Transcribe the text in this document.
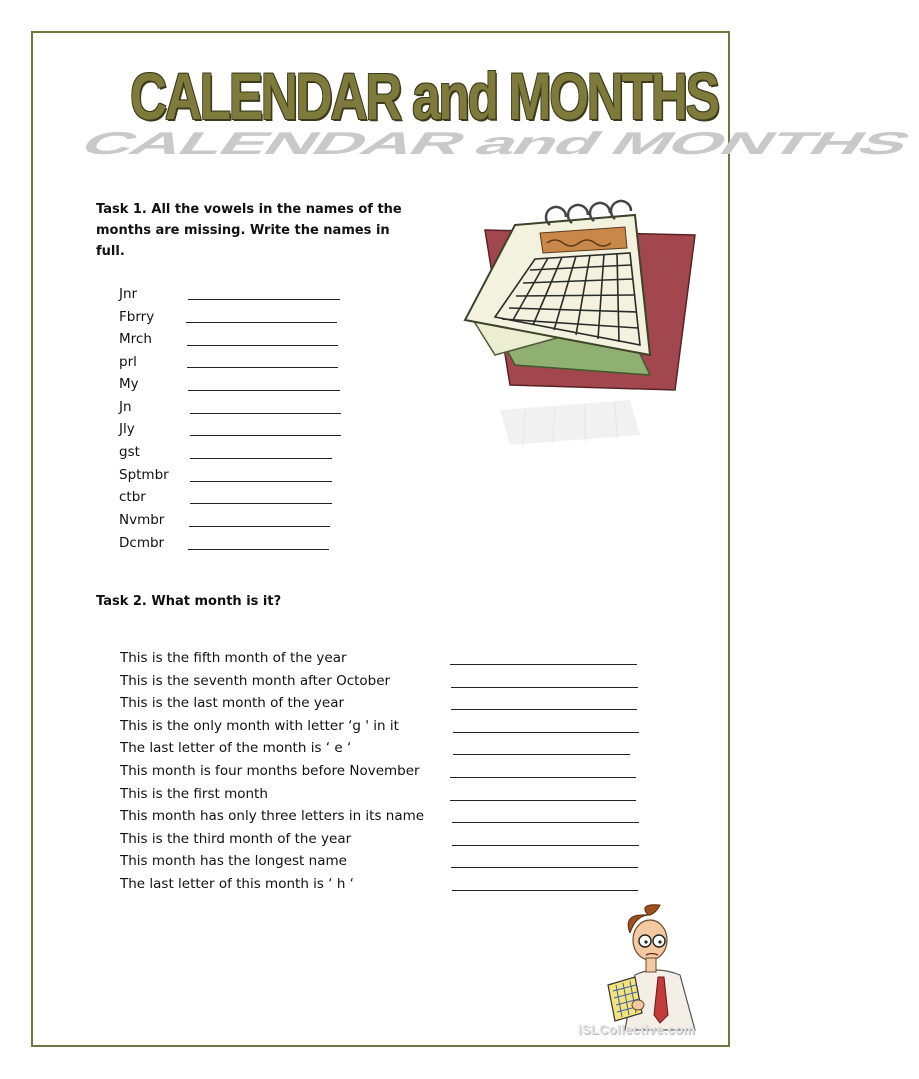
CALENDAR and MONTHS
CALENDAR and MONTHS
Task 1. All the vowels in the names of the
months are missing. Write the names in full.
Jnr
Fbrry
Mrch
prl
My
Jn
Jly
gst
Sptmbr
ctbr
Nvmbr
Dcmbr
Task 2. What month is it?
This is the fifth month of the year
This is the seventh month after October
This is the last month of the year
This is the only month with letter ‘g ' in it
The last letter of the month is ‘ e ‘
This month is four months before November
This is the first month
This month has only three letters in its name
This is the third month of the year
This month has the longest name
The last letter of this month is ‘ h ‘
iSLCollective.com
